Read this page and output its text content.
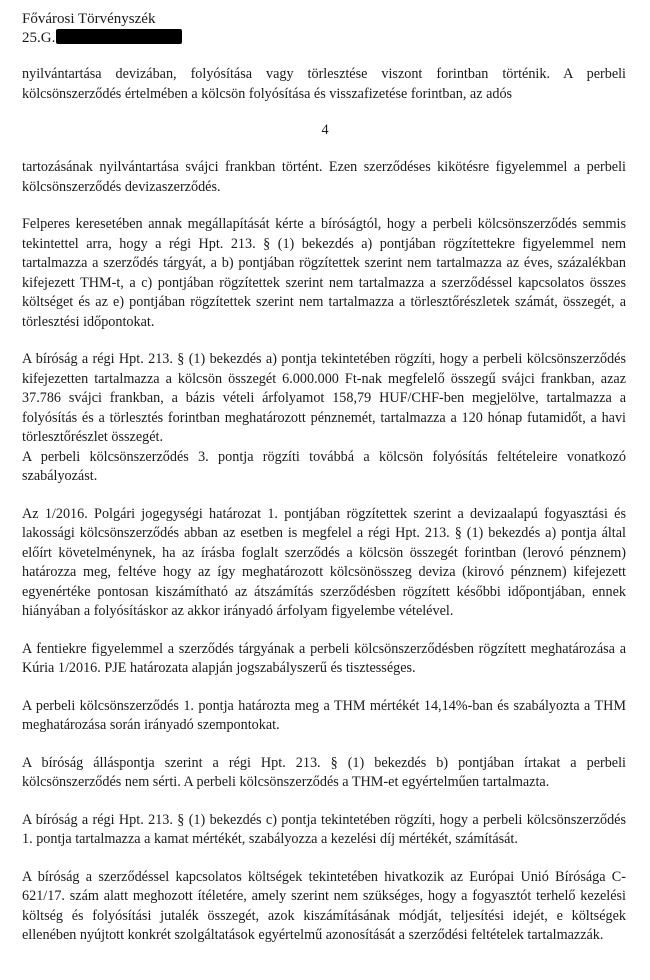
Fővárosi Törvényszék
25.G.
nyilvántartása devizában, folyósítása vagy törlesztése viszont forintban történik. A perbeli kölcsönszerződés értelmében a kölcsön folyósítása és visszafizetése forintban, az adós
4

tartozásának nyilvántartása svájci frankban történt. Ezen szerződéses kikötésre figyelemmel a perbeli kölcsönszerződés devizaszerződés.

Felperes keresetében annak megállapítását kérte a bíróságtól, hogy a perbeli kölcsönszerződés semmis tekintettel arra, hogy a régi Hpt. 213. § (1) bekezdés a) pontjában rögzítettekre figyelemmel nem tartalmazza a szerződés tárgyát, a b) pontjában rögzítettek szerint nem tartalmazza az éves, százalékban kifejezett THM-t, a c) pontjában rögzítettek szerint nem tartalmazza a szerződéssel kapcsolatos összes költséget és az e) pontjában rögzítettek szerint nem tartalmazza a törlesztőrészletek számát, összegét, a törlesztési időpontokat.

A bíróság a régi Hpt. 213. § (1) bekezdés a) pontja tekintetében rögzíti, hogy a perbeli kölcsönszerződés kifejezetten tartalmazza a kölcsön összegét 6.000.000 Ft-nak megfelelő összegű svájci frankban, azaz 37.786 svájci frankban, a bázis vételi árfolyamot 158,79 HUF/CHF-ben megjelölve, tartalmazza a folyósítás és a törlesztés forintban meghatározott pénznemét, tartalmazza a 120 hónap futamidőt, a havi törlesztőrészlet összegét.

A perbeli kölcsönszerződés 3. pontja rögzíti továbbá a kölcsön folyósítás feltételeire vonatkozó szabályozást.

Az 1/2016. Polgári jogegységi határozat 1. pontjában rögzítettek szerint a devizaalapú fogyasztási és lakossági kölcsönszerződés abban az esetben is megfelel a régi Hpt. 213. § (1) bekezdés a) pontja által előírt követelménynek, ha az írásba foglalt szerződés a kölcsön összegét forintban (lerovó pénznem) határozza meg, feltéve hogy az így meghatározott kölcsönösszeg deviza (kirovó pénznem) kifejezett egyenértéke pontosan kiszámítható az átszámítás szerződésben rögzített későbbi időpontjában, ennek hiányában a folyósításkor az akkor irányadó árfolyam figyelembe vételével.

A fentiekre figyelemmel a szerződés tárgyának a perbeli kölcsönszerződésben rögzített meghatározása a Kúria 1/2016. PJE határozata alapján jogszabályszerű és tisztességes.

A perbeli kölcsönszerződés 1. pontja határozta meg a THM mértékét 14,14%-ban és szabályozta a THM meghatározása során irányadó szempontokat.

A bíróság álláspontja szerint a régi Hpt. 213. § (1) bekezdés b) pontjában írtakat a perbeli kölcsönszerződés nem sérti. A perbeli kölcsönszerződés a THM-et egyértelműen tartalmazta.

A bíróság a régi Hpt. 213. § (1) bekezdés c) pontja tekintetében rögzíti, hogy a perbeli kölcsönszerződés 1. pontja tartalmazza a kamat mértékét, szabályozza a kezelési díj mértékét, számítását.

A bíróság a szerződéssel kapcsolatos költségek tekintetében hivatkozik az Európai Unió Bírósága C-621/17. szám alatt meghozott ítéletére, amely szerint nem szükséges, hogy a fogyasztót terhelő kezelési költség és folyósítási jutalék összegét, azok kiszámításának módját, teljesítési idejét, e költségek ellenében nyújtott konkrét szolgáltatások egyértelmű azonosítását a szerződési feltételek tartalmazzák.
